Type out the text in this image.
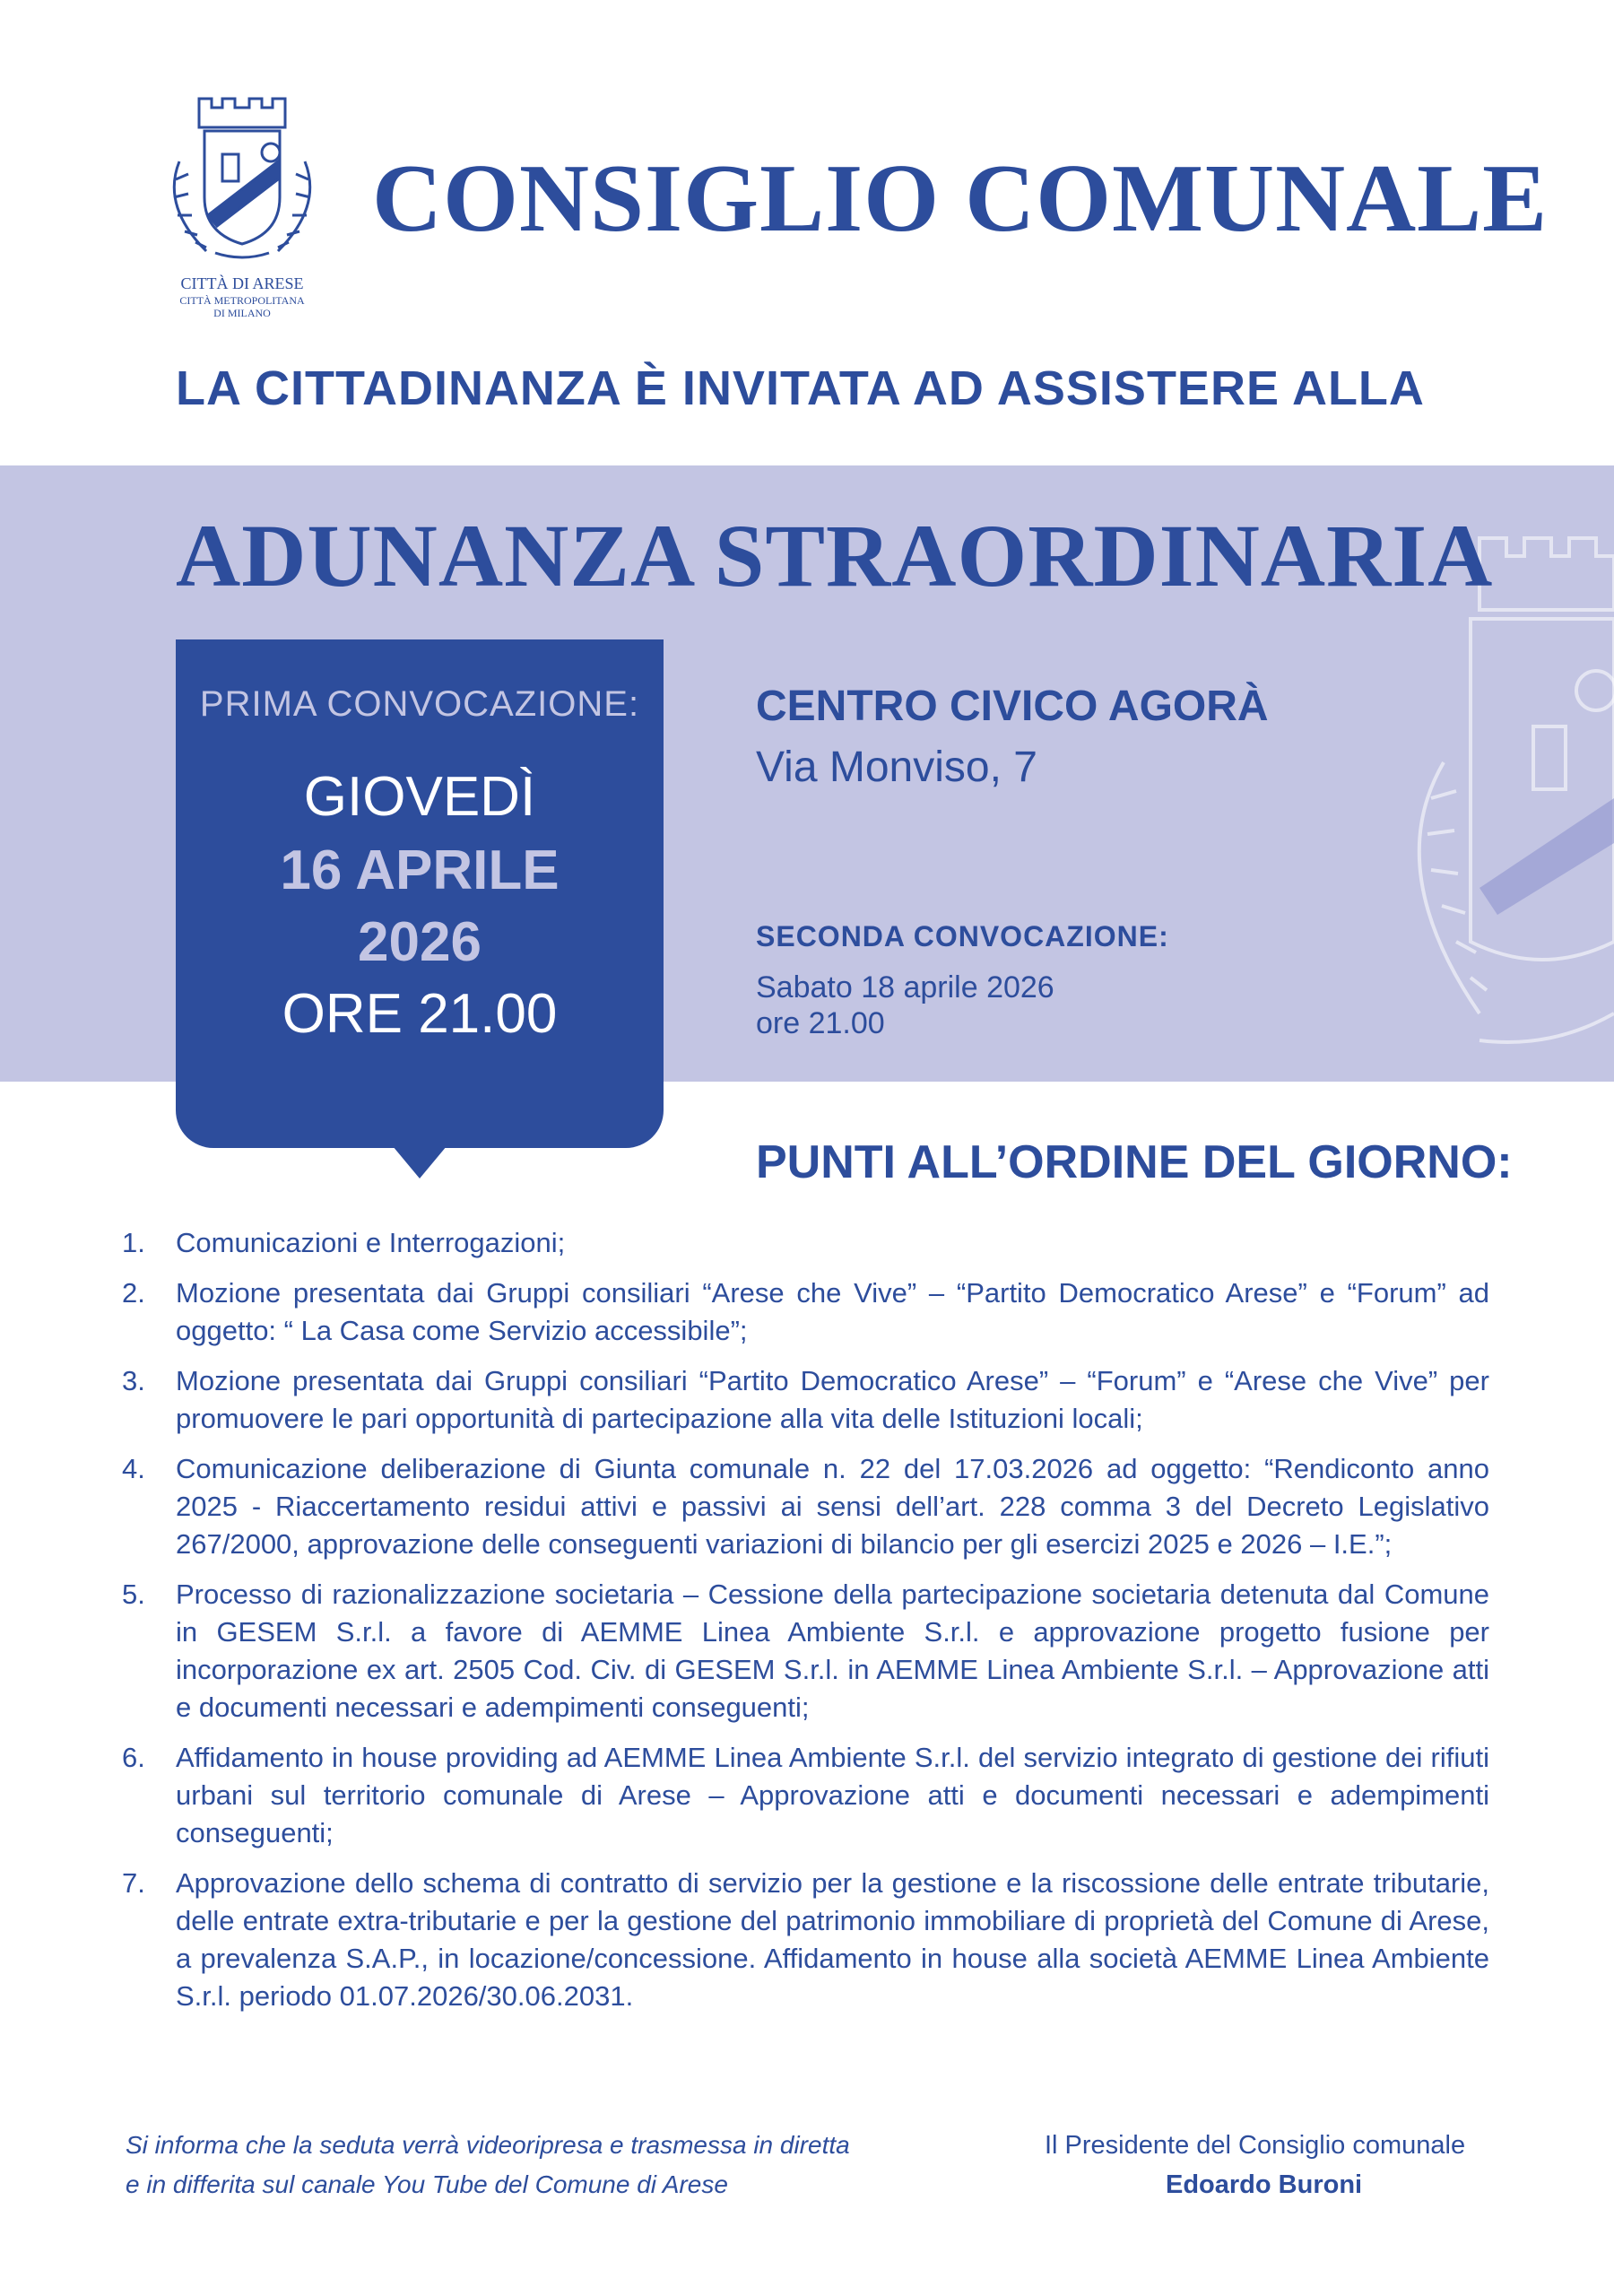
CITTÀ DI ARESE
CITTÀ METROPOLITANA
DI MILANO
CONSIGLIO COMUNALE
LA CITTADINANZA È INVITATA AD ASSISTERE ALLA
ADUNANZA STRAORDINARIA
PRIMA CONVOCAZIONE:
GIOVEDÌ
16 APRILE
2026
ORE 21.00
CENTRO CIVICO AGORÀ
Via Monviso, 7
SECONDA CONVOCAZIONE:
Sabato 18 aprile 2026
ore 21.00
PUNTI ALL’ORDINE DEL GIORNO:
1. Comunicazioni e Interrogazioni;
2. Mozione presentata dai Gruppi consiliari “Arese che Vive” – “Partito Democratico Arese” e “Forum” ad oggetto: “ La Casa come Servizio accessibile”;
3. Mozione presentata dai Gruppi consiliari “Partito Democratico Arese” – “Forum” e “Arese che Vive” per promuovere le pari opportunità di partecipazione alla vita delle Istituzioni locali;
4. Comunicazione deliberazione di Giunta comunale n. 22 del 17.03.2026 ad oggetto: “Rendiconto anno 2025 - Riaccertamento residui attivi e passivi ai sensi dell’art. 228 comma 3 del Decreto Legislativo 267/2000, approvazione delle conseguenti variazioni di bilancio per gli esercizi 2025 e 2026 – I.E.”;
5. Processo di razionalizzazione societaria – Cessione della partecipazione societaria detenuta dal Comune in GESEM S.r.l. a favore di AEMME Linea Ambiente S.r.l. e approvazione progetto fusione per incorporazione ex art. 2505 Cod. Civ. di GESEM S.r.l. in AEMME Linea Ambiente S.r.l. – Approvazione atti e documenti necessari e adempimenti conseguenti;
6. Affidamento in house providing ad AEMME Linea Ambiente S.r.l. del servizio integrato di gestione dei rifiuti urbani sul territorio comunale di Arese – Approvazione atti e documenti necessari e adempimenti conseguenti;
7. Approvazione dello schema di contratto di servizio per la gestione e la riscossione delle entrate tributarie, delle entrate extra-tributarie e per la gestione del patrimonio immobiliare di proprietà del Comune di Arese, a prevalenza S.A.P., in locazione/concessione. Affidamento in house alla società AEMME Linea Ambiente S.r.l. periodo 01.07.2026/30.06.2031.
Si informa che la seduta verrà videoripresa e trasmessa in diretta
e in differita sul canale You Tube del Comune di Arese
Il Presidente del Consiglio comunale
Edoardo Buroni
